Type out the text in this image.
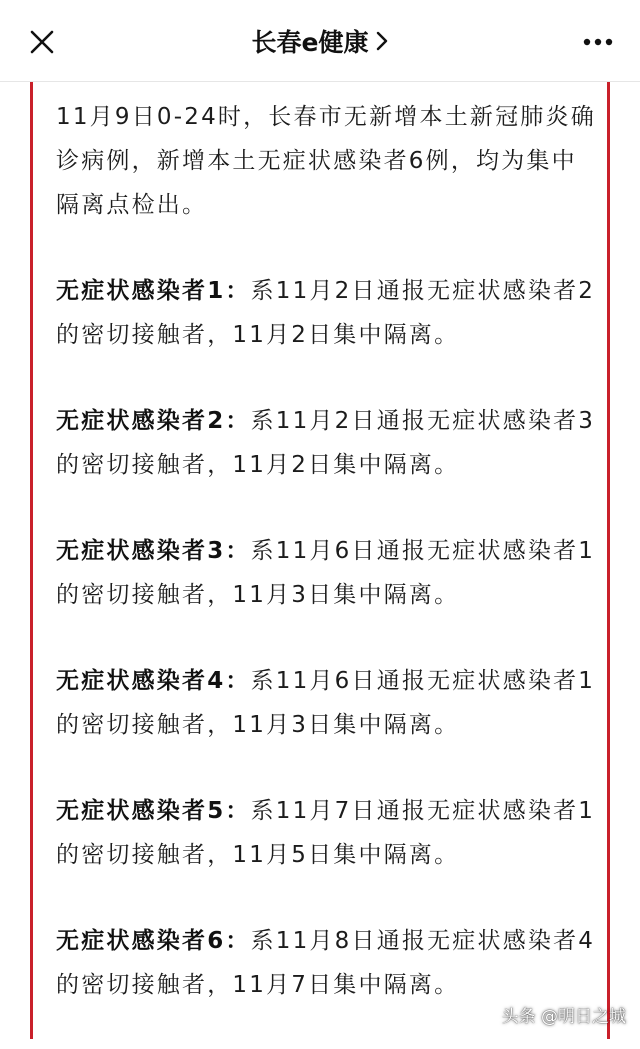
长春e健康

11月9日0-24时，长春市无新增本土新冠肺炎确诊病例，新增本土无症状感染者6例，均为集中隔离点检出。

无症状感染者1：系11月2日通报无症状感染者2的密切接触者，11月2日集中隔离。

无症状感染者2：系11月2日通报无症状感染者3的密切接触者，11月2日集中隔离。

无症状感染者3：系11月6日通报无症状感染者1的密切接触者，11月3日集中隔离。

无症状感染者4：系11月6日通报无症状感染者1的密切接触者，11月3日集中隔离。

无症状感染者5：系11月7日通报无症状感染者1的密切接触者，11月5日集中隔离。

无症状感染者6：系11月8日通报无症状感染者4的密切接触者，11月7日集中隔离。

头条 @明日之城
